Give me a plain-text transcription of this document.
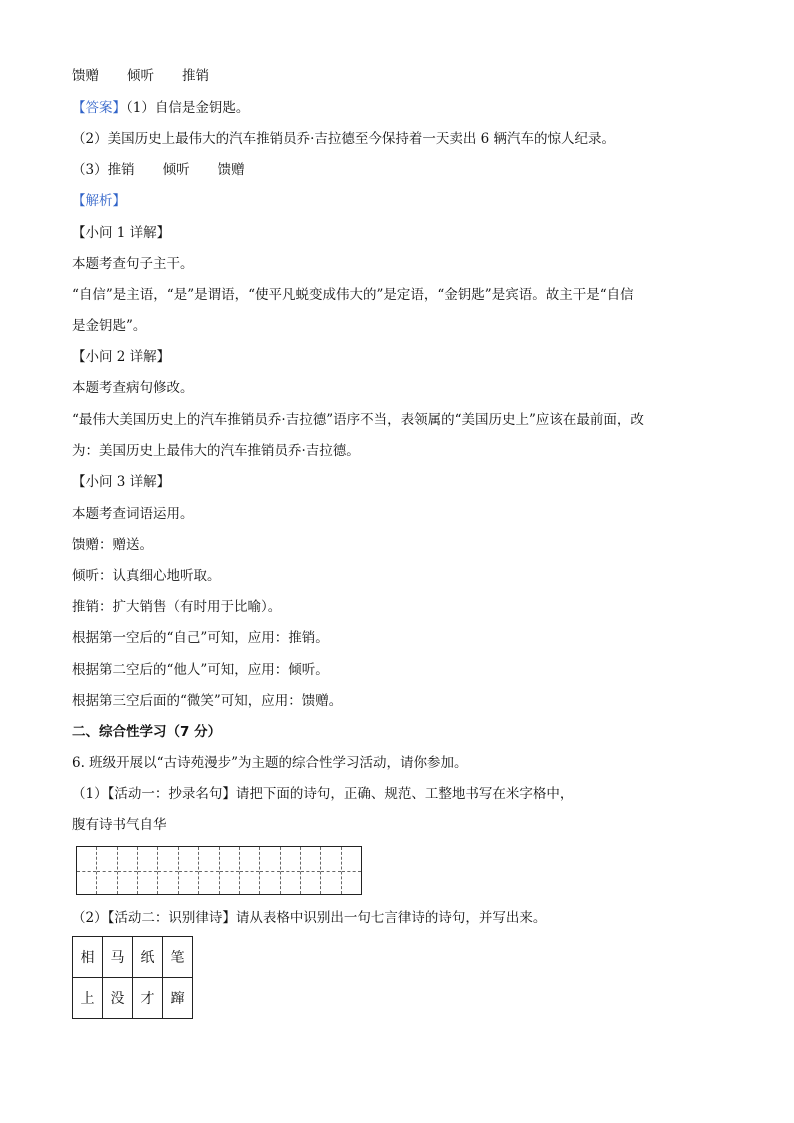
馈赠 倾听 推销
【答案】（1）自信是金钥匙。
（2）美国历史上最伟大的汽车推销员乔·吉拉德至今保持着一天卖出 6 辆汽车的惊人纪录。
（3）推销 倾听 馈赠
【解析】
【小问 1 详解】
本题考查句子主干。
“自信”是主语，“是”是谓语，“使平凡蜕变成伟大的”是定语，“金钥匙”是宾语。故主干是“自信
是金钥匙”。
【小问 2 详解】
本题考查病句修改。
“最伟大美国历史上的汽车推销员乔·吉拉德”语序不当，表领属的“美国历史上”应该在最前面，改
为：美国历史上最伟大的汽车推销员乔·吉拉德。
【小问 3 详解】
本题考查词语运用。
馈赠：赠送。
倾听：认真细心地听取。
推销：扩大销售（有时用于比喻）。
根据第一空后的“自己”可知，应用：推销。
根据第二空后的“他人”可知，应用：倾听。
根据第三空后面的“微笑”可知，应用：馈赠。
二、综合性学习（7 分）
6. 班级开展以“古诗苑漫步”为主题的综合性学习活动，请你参加。
（1）【活动一：抄录名句】请把下面的诗句，正确、规范、工整地书写在米字格中，
腹有诗书气自华
（2）【活动二：识别律诗】请从表格中识别出一句七言律诗的诗句，并写出来。
相	马	纸	笔
上	没	才	蹿
